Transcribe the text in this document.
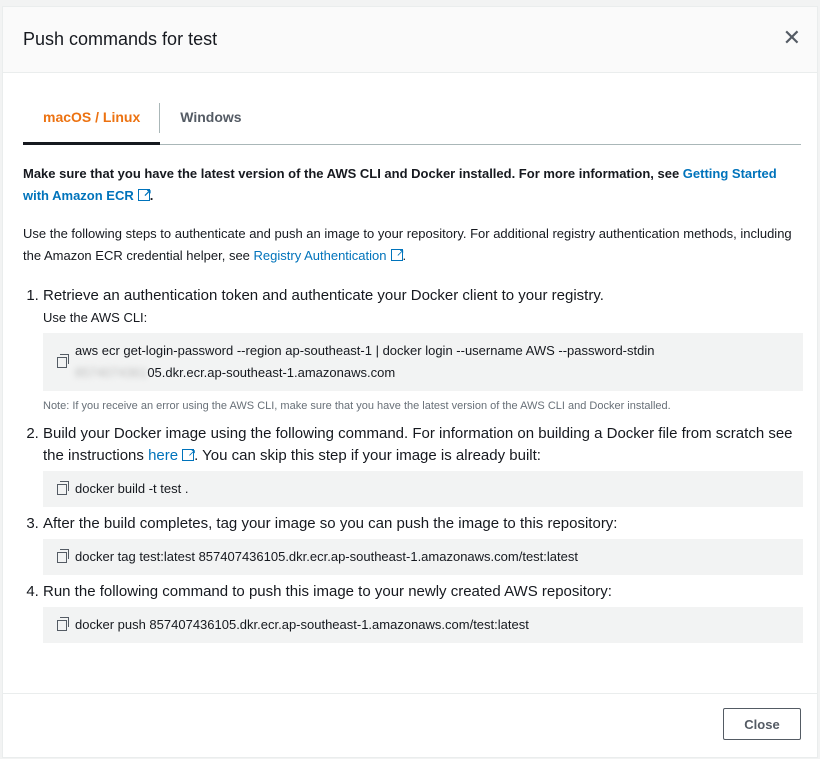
Push commands for test	✕
macOS / Linux	Windows

Make sure that you have the latest version of the AWS CLI and Docker installed. For more information, see Getting Started with Amazon ECR ↗ .

Use the following steps to authenticate and push an image to your repository. For additional registry authentication methods, including the Amazon ECR credential helper, see Registry Authentication ↗ .

1. Retrieve an authentication token and authenticate your Docker client to your registry.
Use the AWS CLI:
aws ecr get-login-password --region ap-southeast-1 | docker login --username AWS --password-stdin
857407436105.dkr.ecr.ap-southeast-1.amazonaws.com
Note: If you receive an error using the AWS CLI, make sure that you have the latest version of the AWS CLI and Docker installed.
2. Build your Docker image using the following command. For information on building a Docker file from scratch see the instructions here ↗ . You can skip this step if your image is already built:
docker build -t test .
3. After the build completes, tag your image so you can push the image to this repository:
docker tag test:latest 857407436105.dkr.ecr.ap-southeast-1.amazonaws.com/test:latest
4. Run the following command to push this image to your newly created AWS repository:
docker push 857407436105.dkr.ecr.ap-southeast-1.amazonaws.com/test:latest
Close
